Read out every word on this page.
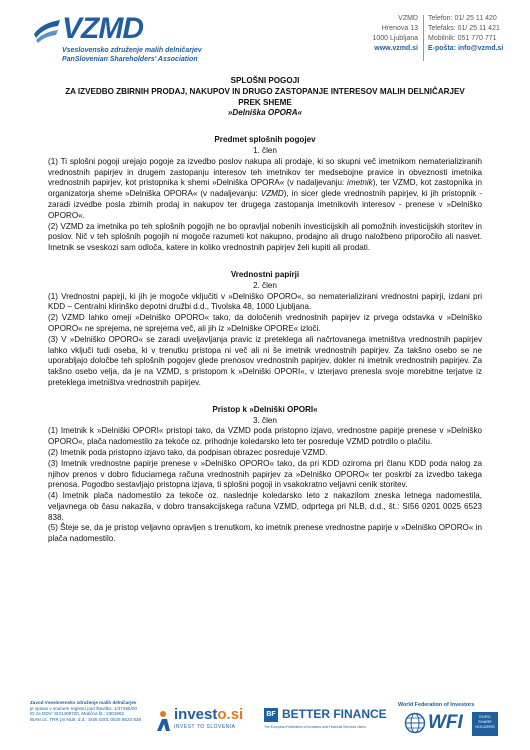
VZMD
Vseslovensko združenje malih delničarjev
PanSlovenian Shareholders' Association
VZMD
Hrenova 13
1000 Ljubljana
www.vzmd.si
Telefon: 01/ 25 11 420
Telefaks: 01/ 25 11 421
Mobilnik: 051 770 771
E-pošta: info@vzmd.si

SPLOŠNI POGOJI

ZA IZVEDBO ZBIRNIH PRODAJ, NAKUPOV IN DRUGO ZASTOPANJE INTERESOV MALIH DELNIČARJEV

PREK SHEME

»Delniška OPORA«

Predmet splošnih pogojev

1. člen

(1) Ti splošni pogoji urejajo pogoje za izvedbo poslov nakupa ali prodaje, ki so skupni več imetnikom nematerializiranih vrednostnih papirjev in drugem zastopanju interesov teh imetnikov ter medsebojne pravice in obveznosti imetnika vrednostnih papirjev, kot pristopnika k shemi »Delniška OPORA« (v nadaljevanju: imetnik), ter VZMD, kot zastopnika in organizatorja sheme »Delniška OPORA« (v nadaljevanju: VZMD), in sicer glede vrednostnih papirjev, ki jih pristopnik - zaradi izvedbe posla zbirnih prodaj in nakupov ter drugega zastopanja imetnikovih interesov - prenese v »Delniško OPORO«.

(2) VZMD za imetnika po teh splošnih pogojih ne bo opravljal nobenih investicijskih ali pomožnih investicijskih storitev in poslov. Nič v teh splošnih pogojih ni mogoče razumeti kot nakupno, prodajno ali drugo naložbeno priporočilo ali nasvet. Imetnik se vseskozi sam odloča, katere in koliko vrednostnih papirjev želi kupiti ali prodati.

Vrednostni papirji

2. člen

(1) Vrednostni papirji, ki jih je mogoče vključiti v »Delniško OPORO«, so nematerializirani vrednostni papirji, izdani pri KDD – Centralni klirinško depotni družbi d.d., Tivolska 48, 1000 Ljubljana.

(2) VZMD lahko omeji »Delniško OPORO« tako, da določenih vrednostnih papirjev iz prvega odstavka v »Delniško OPORO« ne sprejema, ne sprejema več, ali jih iz »Delniške OPORE« izloči.

(3) V »Delniško OPORO« se zaradi uveljavljanja pravic iz preteklega ali načrtovanega imetništva vrednostnih papirjev lahko vključi tudi oseba, ki v trenutku pristopa ni več ali ni še imetnik vrednostnih papirjev. Za takšno osebo se ne uporabljajo določbe teh splošnih pogojev glede prenosov vrednostnih papirjev, dokler ni imetnik vrednostnih papirjev. Za takšno osebo velja, da je na VZMD, s pristopom k »Delniški OPORI«, v izterjavo prenesla svoje morebitne terjatve iz preteklega imetništva vrednostnih papirjev.

Pristop k »Delniški OPORI«

3. člen

(1) Imetnik k »Delniški OPORI« pristopi tako, da VZMD poda pristopno izjavo, vrednostne papirje prenese v »Delniško OPORO«, plača nadomestilo za tekoče oz. prihodnje koledarsko leto ter posreduje VZMD potrdilo o plačilu.

(2) Imetnik poda pristopno izjavo tako, da podpisan obrazec posreduje VZMD.

(3) Imetnik vrednostne papirje prenese v »Delniško OPORO« tako, da pri KDD oziroma pri članu KDD poda nalog za njihov prenos v dobro fiduciarnega računa vrednostnih papirjev za »Delniško OPORO« ter poskrbi za izvedbo takega prenosa. Pogodbo sestavljajo pristopna izjava, ti splošni pogoji in vsakokratno veljavni cenik storitev.

(4) Imetnik plača nadomestilo za tekoče oz. naslednje koledarsko leto z nakazilom zneska letnega nadomestila, veljavnega ob času nakazila, v dobro transakcijskega računa VZMD, odprtega pri NLB, d.d., št.: SI56 0201 0025 6523 838.

(5) Šteje se, da je pristop veljavno opravljen s trenutkom, ko imetnik prenese vrednostne papirje v »Delniško OPORO« in plača nadomestilo.

Zavod Vseslovensko združenje malih delničarjev
je vpisan v sodnem registru pod številko: 1/47258/00
ID za DDV: SI31409720, Matična št.: 2301962
IBAN oz. TRR pri NLB, d.d.: SI56 0201 0025 6523 838	investo.si
INVEST TO SLOVENIA
BF BETTER FINANCE
The European Federation of Investors and Financial Services Users
World Federation of Investors
WFI	EURO SHARE HOLDERS
